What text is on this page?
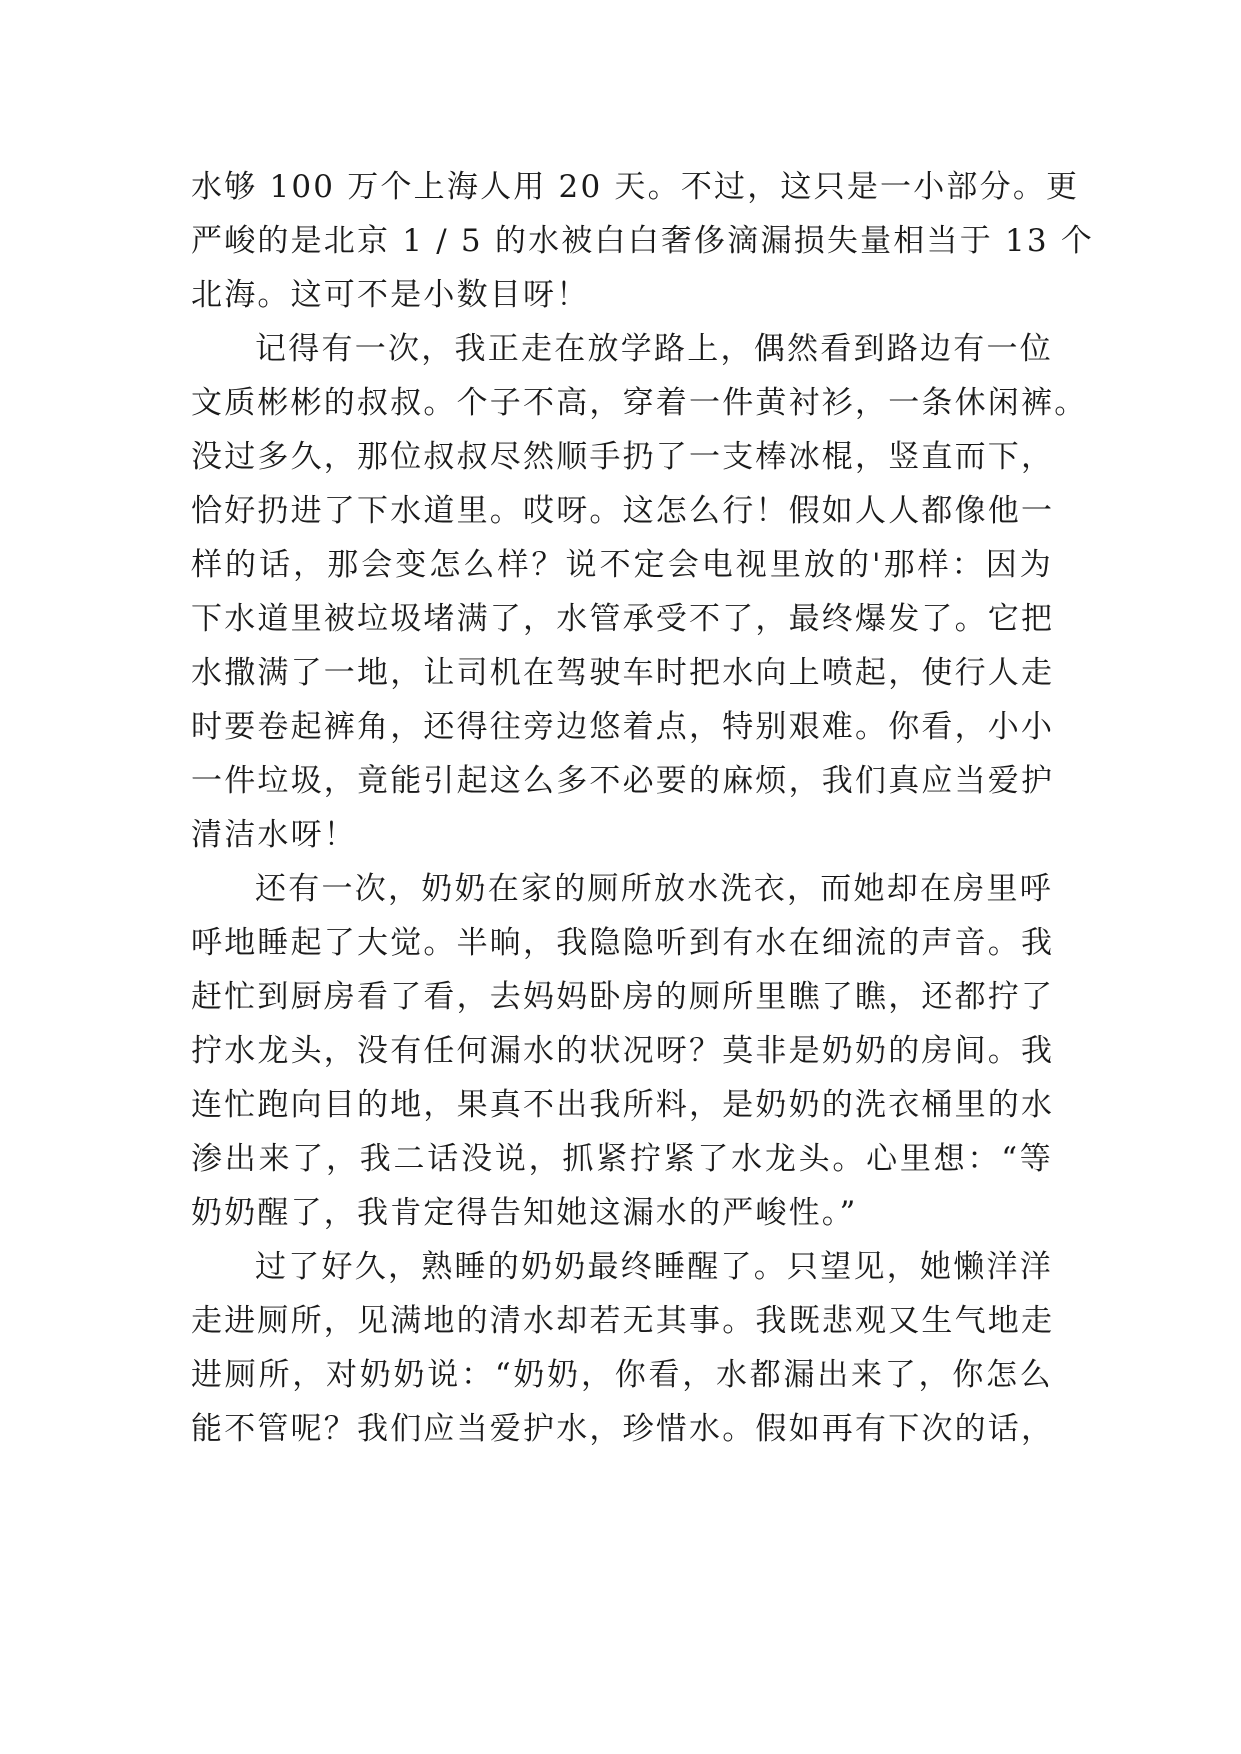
水够 100 万个上海人用 20 天。不过，这只是一小部分。更
严峻的是北京 1 / 5 的水被白白奢侈滴漏损失量相当于 13 个
北海。这可不是小数目呀！
记得有一次，我正走在放学路上，偶然看到路边有一位
文质彬彬的叔叔。个子不高，穿着一件黄衬衫，一条休闲裤。
没过多久，那位叔叔尽然顺手扔了一支棒冰棍，竖直而下，
恰好扔进了下水道里。哎呀。这怎么行！假如人人都像他一
样的话，那会变怎么样？说不定会电视里放的'那样：因为
下水道里被垃圾堵满了，水管承受不了，最终爆发了。它把
水撒满了一地，让司机在驾驶车时把水向上喷起，使行人走
时要卷起裤角，还得往旁边悠着点，特别艰难。你看，小小
一件垃圾，竟能引起这么多不必要的麻烦，我们真应当爱护
清洁水呀！
还有一次，奶奶在家的厕所放水洗衣，而她却在房里呼
呼地睡起了大觉。半晌，我隐隐听到有水在细流的声音。我
赶忙到厨房看了看，去妈妈卧房的厕所里瞧了瞧，还都拧了
拧水龙头，没有任何漏水的状况呀？莫非是奶奶的房间。我
连忙跑向目的地，果真不出我所料，是奶奶的洗衣桶里的水
渗出来了，我二话没说，抓紧拧紧了水龙头。心里想：“等
奶奶醒了，我肯定得告知她这漏水的严峻性。”
过了好久，熟睡的奶奶最终睡醒了。只望见，她懒洋洋
走进厕所，见满地的清水却若无其事。我既悲观又生气地走
进厕所，对奶奶说：“奶奶，你看，水都漏出来了，你怎么
能不管呢？我们应当爱护水，珍惜水。假如再有下次的话，
